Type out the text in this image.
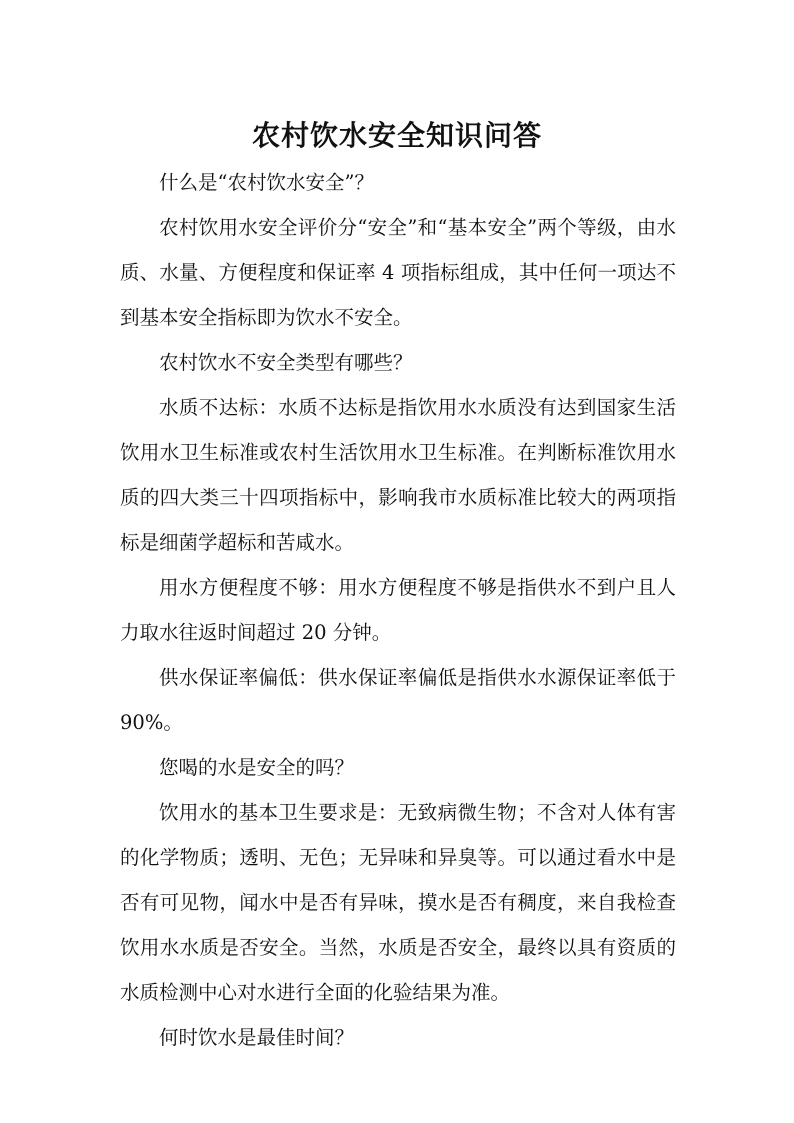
农村饮水安全知识问答

什么是“农村饮水安全”？

农村饮用水安全评价分“安全”和“基本安全”两个等级，由水质、水量、方便程度和保证率 4 项指标组成，其中任何一项达不到基本安全指标即为饮水不安全。

农村饮水不安全类型有哪些？

水质不达标：水质不达标是指饮用水水质没有达到国家生活饮用水卫生标准或农村生活饮用水卫生标准。在判断标准饮用水质的四大类三十四项指标中，影响我市水质标准比较大的两项指标是细菌学超标和苦咸水。

用水方便程度不够：用水方便程度不够是指供水不到户且人力取水往返时间超过 20 分钟。

供水保证率偏低：供水保证率偏低是指供水水源保证率低于 90%。

您喝的水是安全的吗？

饮用水的基本卫生要求是：无致病微生物；不含对人体有害的化学物质；透明、无色；无异味和异臭等。可以通过看水中是否有可见物，闻水中是否有异味，摸水是否有稠度，来自我检查饮用水水质是否安全。当然，水质是否安全，最终以具有资质的水质检测中心对水进行全面的化验结果为准。

何时饮水是最佳时间？
